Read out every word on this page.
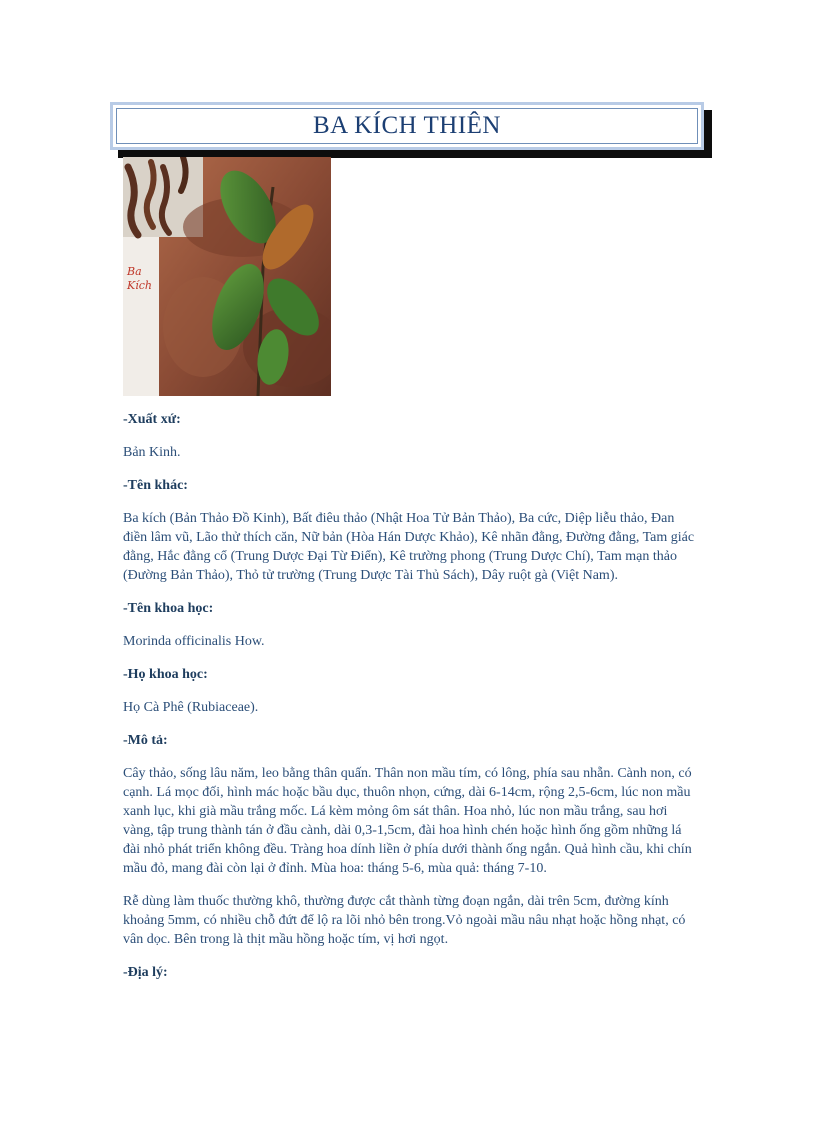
BA KÍCH THIÊN
Ba
Kích
-Xuất xứ:

Bản Kinh.

-Tên khác:

Ba kích (Bản Thảo Đồ Kinh), Bất điêu thảo (Nhật Hoa Tử Bản Thảo), Ba cức, Diệp liễu thảo, Đan điền lâm vũ, Lão thử thích căn, Nữ bản (Hòa Hán Dược Khảo), Kê nhãn đằng, Đường đằng, Tam giác đằng, Hắc đằng cổ (Trung Dược Đại Từ Điển), Kê trường phong (Trung Dược Chí), Tam mạn thảo (Đường Bản Thảo), Thỏ tử trường (Trung Dược Tài Thủ Sách), Dây ruột gà (Việt Nam).

-Tên khoa học:

Morinda officinalis How.

-Họ khoa học:

Họ Cà Phê (Rubiaceae).

-Mô tả:

Cây thảo, sống lâu năm, leo bằng thân quấn. Thân non mầu tím, có lông, phía sau nhẵn. Cành non, có cạnh. Lá mọc đối, hình mác hoặc bầu dục, thuôn nhọn, cứng, dài 6-14cm, rộng 2,5-6cm, lúc non mầu xanh lục, khi già mầu trắng mốc. Lá kèm mỏng ôm sát thân. Hoa nhỏ, lúc non mầu trắng, sau hơi vàng, tập trung thành tán ở đầu cành, dài 0,3-1,5cm, đài hoa hình chén hoặc hình ống gồm những lá đài nhỏ phát triển không đều. Tràng hoa dính liền ở phía dưới thành ống ngắn. Quả hình cầu, khi chín mầu đỏ, mang đài còn lại ở đỉnh. Mùa hoa: tháng 5-6, mùa quả: tháng 7-10.

Rễ dùng làm thuốc thường khô, thường được cắt thành từng đoạn ngắn, dài trên 5cm, đường kính khoảng 5mm, có nhiều chỗ đứt để lộ ra lõi nhỏ bên trong.Vỏ ngoài mầu nâu nhạt hoặc hồng nhạt, có vân dọc. Bên trong là thịt mầu hồng hoặc tím, vị hơi ngọt.

-Địa lý:
